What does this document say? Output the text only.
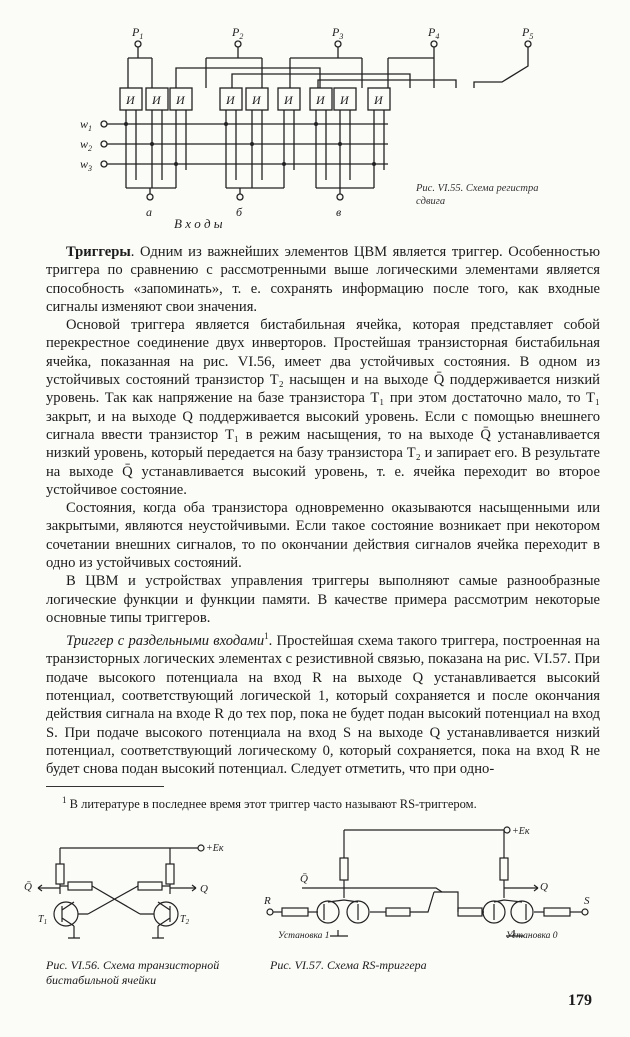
$P_1$	$P_2$	$P_3$	$P_4$	$P_5$
И И И	И И И И И И
$w_1$
$w_2$
$w_3$
а	б	в
В х о д ы
Рис. VI.55. Схема регистра сдвига

Триггеры. Одним из важнейших элементов ЦВМ является триггер. Особенностью триггера по сравнению с рассмотренными выше логическими элементами является способность «запоминать», т. е. сохранять информацию после того, как входные сигналы изменяют свои значения.

Основой триггера является бистабильная ячейка, которая представляет собой перекрестное соединение двух инверторов. Простейшая транзисторная бистабильная ячейка, показанная на рис. VI.56, имеет два устойчивых состояния. В одном из устойчивых состояний транзистор T₂ насыщен и на выходе Q̄ поддерживается низкий уровень. Так как напряжение на базе транзистора T₁ при этом достаточно мало, то T₁ закрыт, и на выходе Q поддерживается высокий уровень. Если с помощью внешнего сигнала ввести транзистор T₁ в режим насыщения, то на выходе Q̄ устанавливается низкий уровень, который передается на базу транзистора T₂ и запирает его. В результате на выходе Q̄ устанавливается высокий уровень, т. е. ячейка переходит во второе устойчивое состояние.

Состояния, когда оба транзистора одновременно оказываются насыщенными или закрытыми, являются неустойчивыми. Если такое состояние возникает при некотором сочетании внешних сигналов, то по окончании действия сигналов ячейка переходит в одно из устойчивых состояний.

В ЦВМ и устройствах управления триггеры выполняют самые разнообразные логические функции и функции памяти. В качестве примера рассмотрим некоторые основные типы триггеров.

Триггер с раздельными входами$^1$. Простейшая схема такого триггера, построенная на транзисторных логических элементах с резистивной связью, показана на рис. VI.57. При подаче высокого потенциала на вход R на выходе Q устанавливается высокий потенциал, соответствующий логической 1, который сохраняется и после окончания действия сигнала на входе R до тех пор, пока не будет подан высокий потенциал на вход S. При подаче высокого потенциала на вход S на выходе Q устанавливается низкий потенциал, соответствующий логическому 0, который сохраняется, пока на вход R не будет снова подан высокий потенциал. Следует отметить, что при одно-

$^1$ В литературе в последнее время этот триггер часто называют RS-триггером.
+Eк
Q̄	Q
$T_1$	$T_2$
Рис. VI.56. Схема транзисторной бистабильной ячейки
+Eк
Q̄
Q
R
Установка 1	Установка 0
S
Рис. VI.57. Схема RS-триггера
179
